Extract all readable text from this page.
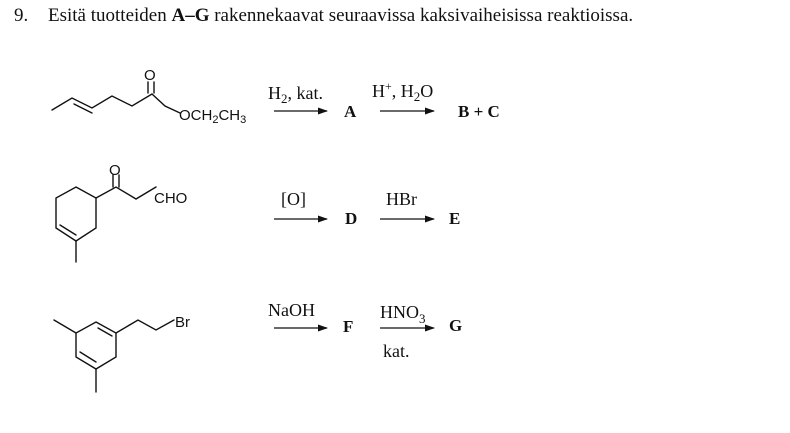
9. Esitä tuotteiden A–G rakennekaavat seuraavissa kaksivaiheisissa reaktioissa.
O
$OCH_2CH_3$
$H_2$, kat.
A
H+, $H_2O$
B + C
O
CHO	[O]
D
HBr
E
Br
NaOH
F
$HNO_3$
kat.
G
